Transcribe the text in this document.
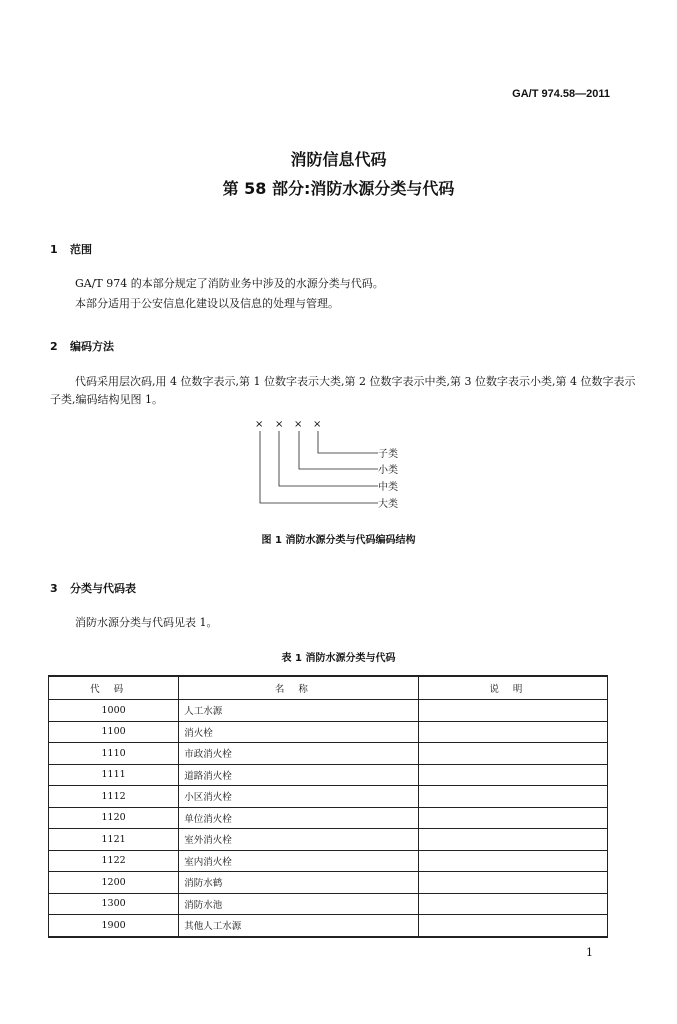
GA/T 974.58—2011
消防信息代码
第 58 部分:消防水源分类与代码
1 范围
GA/T 974 的本部分规定了消防业务中涉及的水源分类与代码。
本部分适用于公安信息化建设以及信息的处理与管理。
2 编码方法
代码采用层次码,用 4 位数字表示,第 1 位数字表示大类,第 2 位数字表示中类,第 3 位数字表示小类,第 4 位数字表示子类,编码结构见图 1。
× × × ×
子类
小类
中类
大类
图 1 消防水源分类与代码编码结构
3 分类与代码表
消防水源分类与代码见表 1。
表 1 消防水源分类与代码
代码	名称	说明
1000	人工水源	
1100	消火栓	
1110	市政消火栓	
1111	道路消火栓	
1112	小区消火栓	
1120	单位消火栓	
1121	室外消火栓	
1122	室内消火栓	
1200	消防水鹤	
1300	消防水池	
1900	其他人工水源	
1
